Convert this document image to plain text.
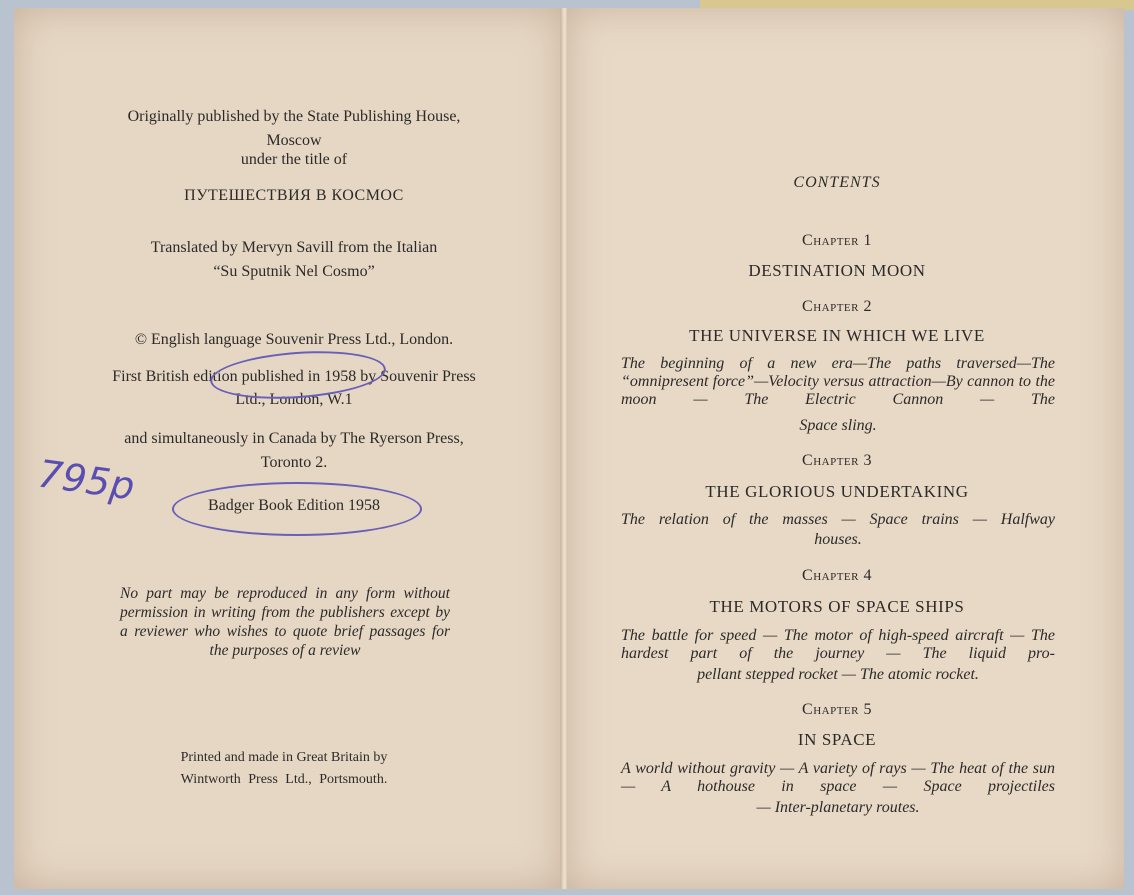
Originally published by the State Publishing House,

Moscow

under the title of

ПУТЕШЕСТВИЯ В КОСМОС

Translated by Mervyn Savill from the Italian

“Su Sputnik Nel Cosmo”

© English language Souvenir Press Ltd., London.

First British edition published in 1958 by Souvenir Press

Ltd., London, W.1

and simultaneously in Canada by The Ryerson Press,

Toronto 2.

795p	Badger Book Edition 1958

No part may be reproduced in any form without permission in writing from the publishers except by a reviewer who wishes to quote brief passages for the purposes of a review

Printed and made in Great Britain by

Wintworth Press Ltd., Portsmouth.

CONTENTS

Chapter 1

DESTINATION MOON

Chapter 2

THE UNIVERSE IN WHICH WE LIVE

The beginning of a new era—The paths traversed—The “omnipresent force”—Velocity versus attraction—By cannon to the moon — The Electric Cannon — The

Space sling.

Chapter 3

THE GLORIOUS UNDERTAKING

The relation of the masses — Space trains — Halfway

houses.

Chapter 4

THE MOTORS OF SPACE SHIPS

The battle for speed — The motor of high-speed aircraft — The hardest part of the journey — The liquid pro-

pellant stepped rocket — The atomic rocket.

Chapter 5

IN SPACE

A world without gravity — A variety of rays — The heat of the sun — A hothouse in space — Space projectiles

— Inter-planetary routes.
